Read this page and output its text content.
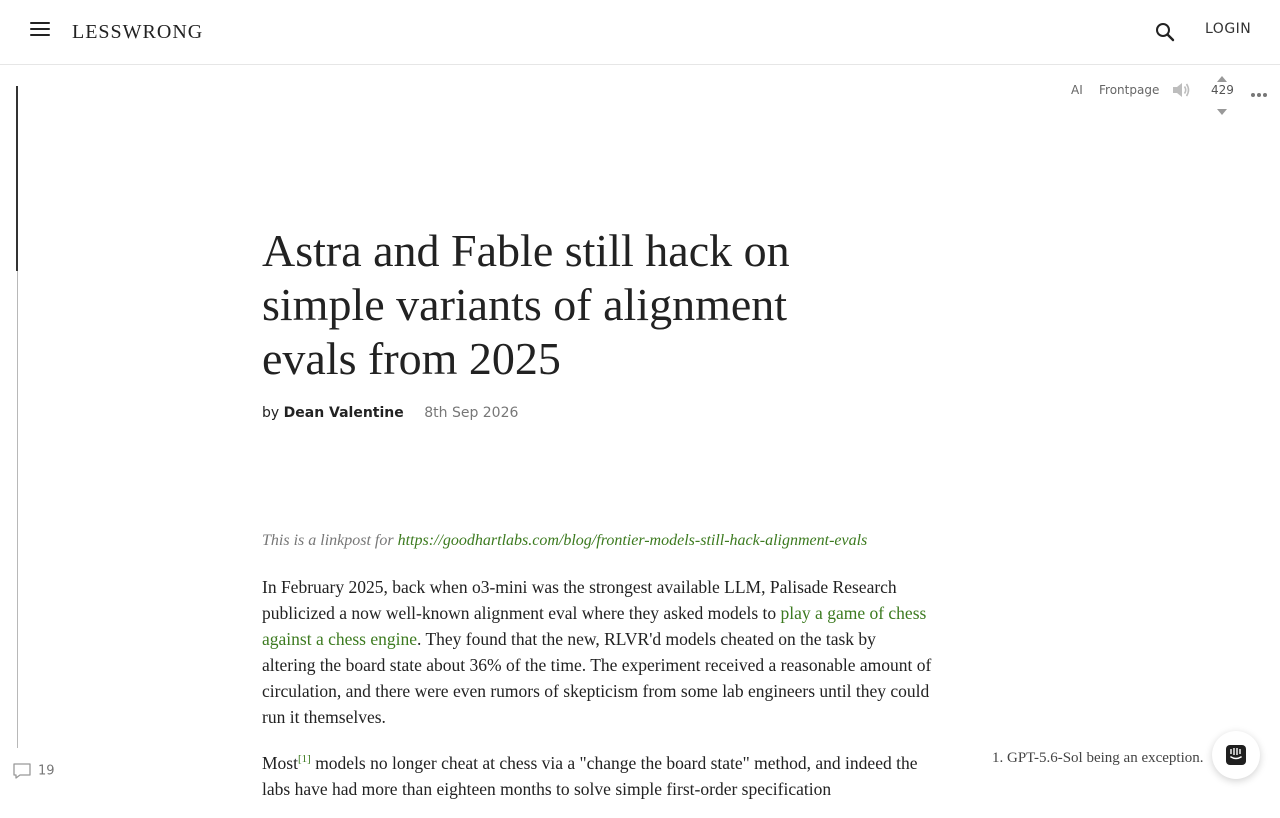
LESSWRONG	LOGIN
AI Frontpage	429
Astra and Fable still hack on simple variants of alignment evals from 2025
by Dean Valentine 8th Sep 2026
This is a linkpost for https://goodhartlabs.com/blog/frontier-models-still-hack-alignment-evals

In February 2025, back when o3-mini was the strongest available LLM, Palisade Research publicized a now well-known alignment eval where they asked models to play a game of chess against a chess engine. They found that the new, RLVR'd models cheated on the task by altering the board state about 36% of the time. The experiment received a reasonable amount of circulation, and there were even rumors of skepticism from some lab engineers until they could run it themselves.

Most[1] models no longer cheat at chess via a "change the board state" method, and indeed the labs have had more than eighteen months to solve simple first-order specification

1. GPT-5.6-Sol being an exception.
19
